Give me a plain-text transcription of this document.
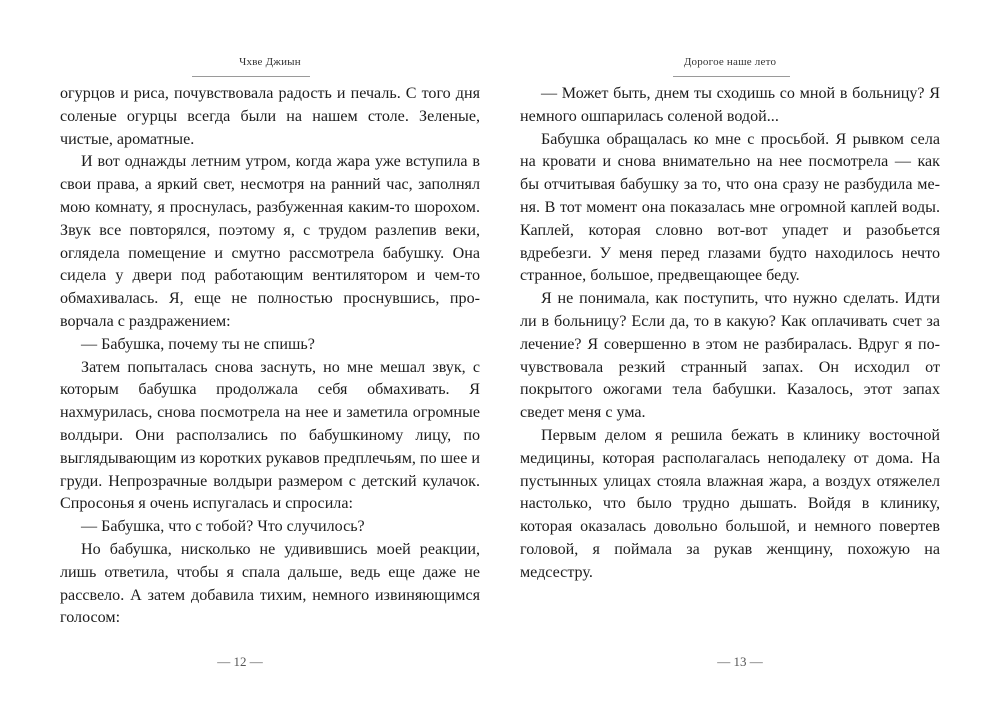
Чхве Джиын

огурцов и риса, почувствовала радость и печаль. С того дня соленые огурцы всегда были на нашем столе. Зеленые, чистые, ароматные.

И вот однажды летним утром, когда жара уже вступила в свои права, а яркий свет, несмотря на ранний час, заполнял мою комнату, я проснулась, разбуженная каким-то шорохом. Звук все повторялся, поэтому я, с трудом разлепив веки, оглядела помещение и смутно рассмотрела бабушку. Она сидела у двери под работающим вентилятором и чем-то обмахивалась. Я, еще не полностью проснувшись, проворчала с раздражением:

— Бабушка, почему ты не спишь?

Затем попыталась снова заснуть, но мне мешал звук, с которым бабушка продолжала себя обмахивать. Я нахмурилась, снова посмотрела на нее и заметила огромные волдыри. Они расползались по бабушкиному лицу, по выглядывающим из коротких рукавов предплечьям, по шее и груди. Непрозрачные волдыри размером с детский кулачок. Спросонья я очень испугалась и спросила:

— Бабушка, что с тобой? Что случилось?

Но бабушка, нисколько не удивившись моей реакции, лишь ответила, чтобы я спала дальше, ведь еще даже не рассвело. А затем добавила тихим, немного извиняющимся голосом:

— 12 —
Дорогое наше лето

— Может быть, днем ты сходишь со мной в больницу? Я немного ошпарилась соленой водой...

Бабушка обращалась ко мне с просьбой. Я рывком села на кровати и снова внимательно на нее посмотрела — как бы отчитывая бабушку за то, что она сразу не разбудила меня. В тот момент она показалась мне огромной каплей воды. Каплей, которая словно вот-вот упадет и разобьется вдребезги. У меня перед глазами будто находилось нечто странное, большое, предвещающее беду.

Я не понимала, как поступить, что нужно сделать. Идти ли в больницу? Если да, то в какую? Как оплачивать счет за лечение? Я совершенно в этом не разбиралась. Вдруг я почувствовала резкий странный запах. Он исходил от покрытого ожогами тела бабушки. Казалось, этот запах сведет меня с ума.

Первым делом я решила бежать в клинику восточной медицины, которая располагалась неподалеку от дома. На пустынных улицах стояла влажная жара, а воздух отяжелел настолько, что было трудно дышать. Войдя в клинику, которая оказалась довольно большой, и немного повертев головой, я поймала за рукав женщину, похожую на медсестру.

— 13 —
